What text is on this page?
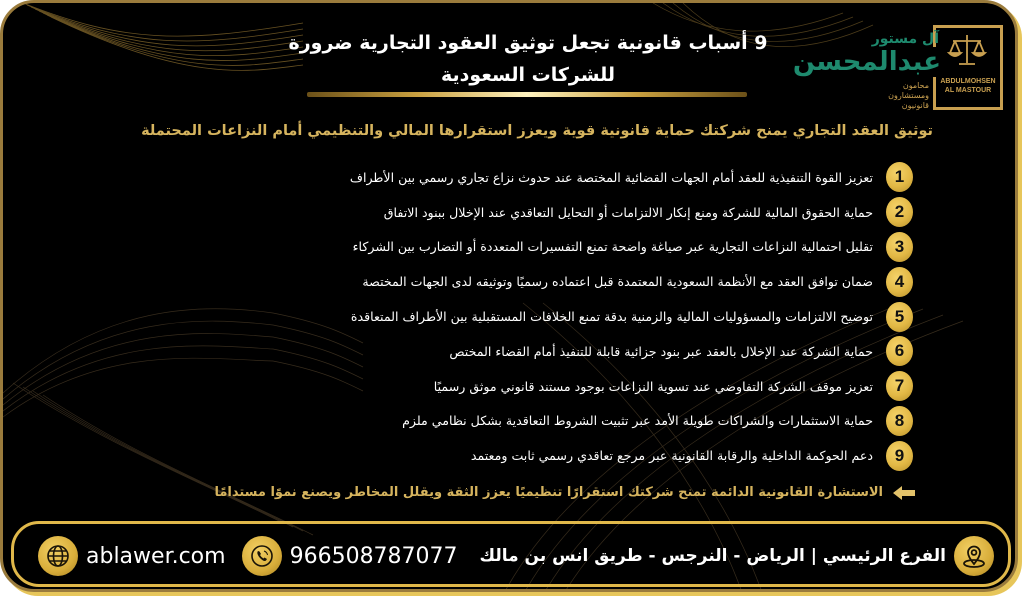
9 أسباب قانونية تجعل توثيق العقود التجارية ضرورة
للشركات السعودية	ABDULMOHSEN
AL MASTOUR
آل مستور
عبدالمحسن
محامون
ومستشارون
قانونيون
توثيق العقد التجاري يمنح شركتك حماية قانونية قوية ويعزز استقرارها المالي والتنظيمي أمام النزاعات المحتملة
1
تعزيز القوة التنفيذية للعقد أمام الجهات القضائية المختصة عند حدوث نزاع تجاري رسمي بين الأطراف
2
حماية الحقوق المالية للشركة ومنع إنكار الالتزامات أو التحايل التعاقدي عند الإخلال ببنود الاتفاق
3
تقليل احتمالية النزاعات التجارية عبر صياغة واضحة تمنع التفسيرات المتعددة أو التضارب بين الشركاء
4
ضمان توافق العقد مع الأنظمة السعودية المعتمدة قبل اعتماده رسميًا وتوثيقه لدى الجهات المختصة
5
توضيح الالتزامات والمسؤوليات المالية والزمنية بدقة تمنع الخلافات المستقبلية بين الأطراف المتعاقدة
6
حماية الشركة عند الإخلال بالعقد عبر بنود جزائية قابلة للتنفيذ أمام القضاء المختص
7
تعزيز موقف الشركة التفاوضي عند تسوية النزاعات بوجود مستند قانوني موثق رسميًا
8
حماية الاستثمارات والشراكات طويلة الأمد عبر تثبيت الشروط التعاقدية بشكل نظامي ملزم
9
دعم الحوكمة الداخلية والرقابة القانونية عبر مرجع تعاقدي رسمي ثابت ومعتمد
الاستشارة القانونية الدائمة تمنح شركتك استقرارًا تنظيميًا يعزز الثقة ويقلل المخاطر ويصنع نموًا مستدامًا
ablawer.com	966508787077 الفرع الرئيسي | الرياض - النرجس - طريق انس بن مالك
